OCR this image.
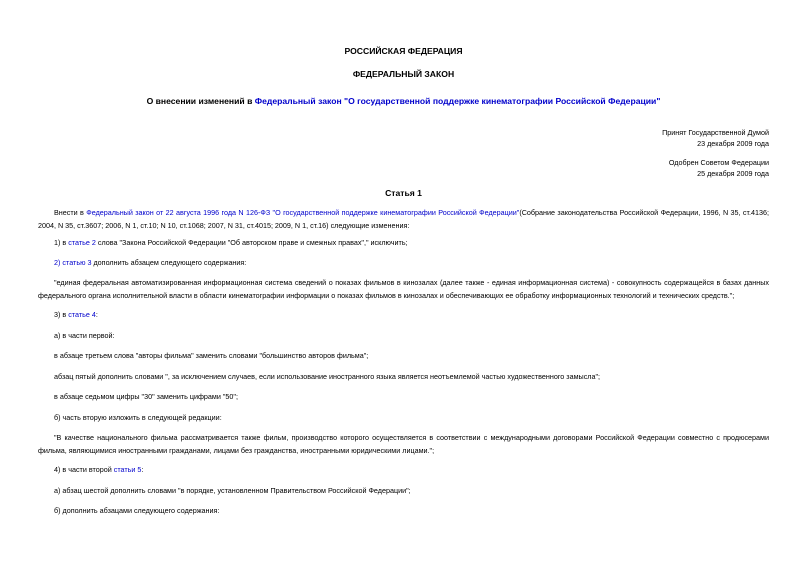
РОССИЙСКАЯ ФЕДЕРАЦИЯ
ФЕДЕРАЛЬНЫЙ ЗАКОН
О внесении изменений в Федеральный закон "О государственной поддержке кинематографии Российской Федерации"
Принят Государственной Думой
23 декабря 2009 года
Одобрен Советом Федерации
25 декабря 2009 года
Статья 1
Внести в Федеральный закон от 22 августа 1996 года N 126-ФЗ "О государственной поддержке кинематографии Российской Федерации"(Собрание законодательства Российской Федерации, 1996, N 35, ст.4136; 2004, N 35, ст.3607; 2006, N 1, ст.10; N 10, ст.1068; 2007, N 31, ст.4015; 2009, N 1, ст.16) следующие изменения:
1) в статье 2 слова "Закона Российской Федерации "Об авторском праве и смежных правах"," исключить;
2) статью 3 дополнить абзацем следующего содержания:
"единая федеральная автоматизированная информационная система сведений о показах фильмов в кинозалах (далее также - единая информационная система) - совокупность содержащейся в базах данных федерального органа исполнительной власти в области кинематографии информации о показах фильмов в кинозалах и обеспечивающих ее обработку информационных технологий и технических средств.";
3) в статье 4:
а) в части первой:
в абзаце третьем слова "авторы фильма" заменить словами "большинство авторов фильма";
абзац пятый дополнить словами ", за исключением случаев, если использование иностранного языка является неотъемлемой частью художественного замысла";
в абзаце седьмом цифры "30" заменить цифрами "50";
б) часть вторую изложить в следующей редакции:
"В качестве национального фильма рассматривается также фильм, производство которого осуществляется в соответствии с международными договорами Российской Федерации совместно с продюсерами фильма, являющимися иностранными гражданами, лицами без гражданства, иностранными юридическими лицами.";
4) в части второй статьи 5:
а) абзац шестой дополнить словами "в порядке, установленном Правительством Российской Федерации";
б) дополнить абзацами следующего содержания:
